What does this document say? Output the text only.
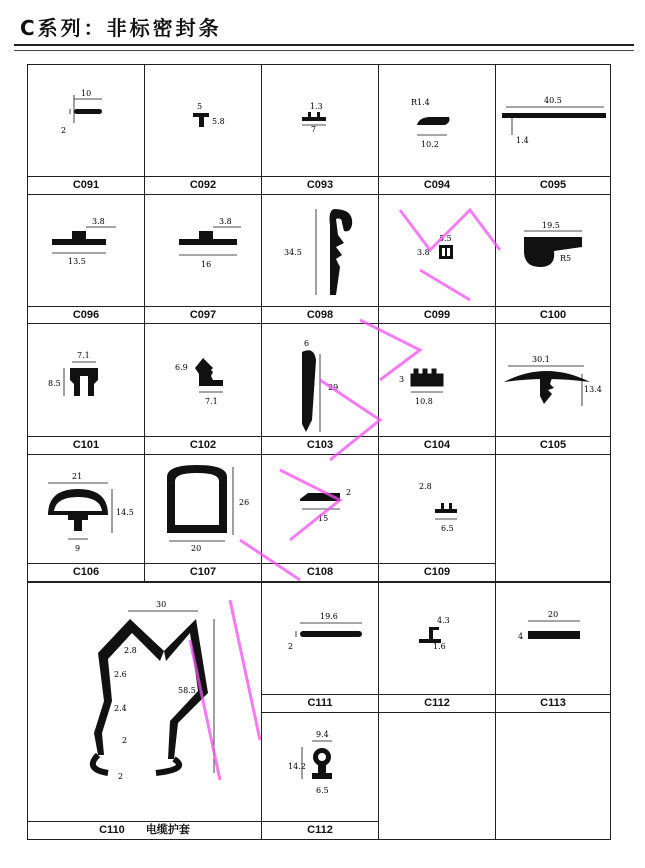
C系列：非标密封条
10
2
C091
5
5.8
C092
1.3
7
C093
R1.4
10.2
C094
40.5
1.4
C095
3.8
13.5
C096
3.8
16
C097
34.5
C098
5.5
3.8
C099
19.5
R5
C100
7.1
8.5
C101
6.9
7.1
C102
6
29
C103
3
10.8
C104
30.1
13.4
C105
21
14.5
9
C106
26
20
C107
2
15
C108
2.8
6.5
C109
30
2.8
2.6
2.4
2
2
58.5
C110 电缆护套
19.6
2
C111
4.3
1.6
C112
20
4
C113
9.4
14.2
6.5
C112
